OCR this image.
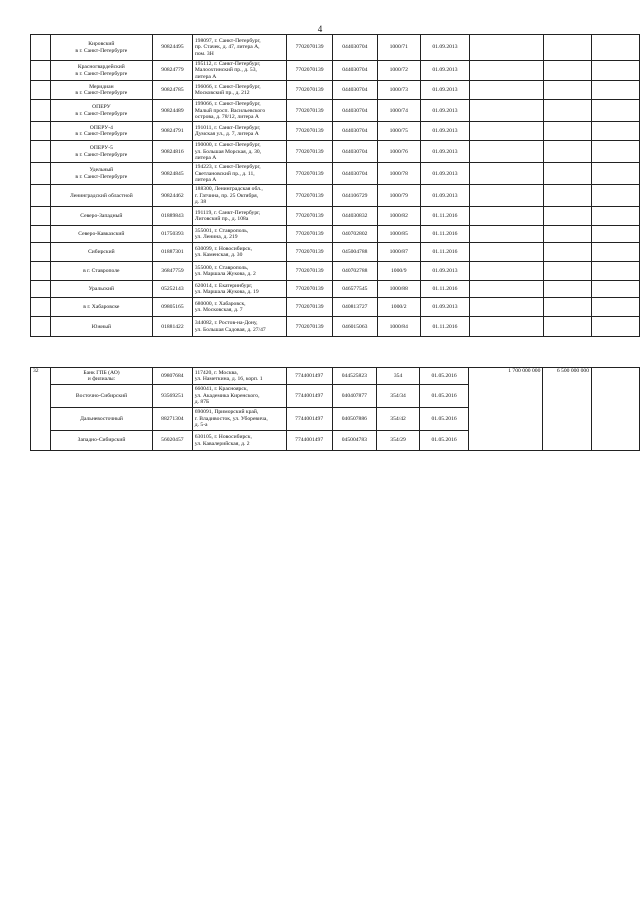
4
	Кировский
в г. Санкт-Петербурге	90824495	198097, г. Санкт-Петербург,
пр. Стачек, д. 47, литера А,
пом. 3Н	7702070139	044030704	1000/71	01.09.2013			
	Красногвардейский
в г. Санкт-Петербурге	90824779	195112, г. Санкт-Петербург,
Малоохтинский пр., д. 53,
литера А	7702070139	044030704	1000/72	01.09.2013			
	Меридиан
в г. Санкт-Петербурге	90824785	196066, г. Санкт-Петербург,
Московский пр., д. 212	7702070139	044030704	1000/73	01.09.2013			
	ОПЕРУ
в г. Санкт-Петербурге	90824489	199066, г. Санкт-Петербург,
Малый просп. Васильевского
острова, д. 78/12, литера А	7702070139	044030704	1000/74	01.09.2013			
	ОПЕРУ-4
в г. Санкт-Петербурге	90824791	191011, г. Санкт-Петербург,
Думская ул., д. 7, литера А	7702070139	044030704	1000/75	01.09.2013			
	ОПЕРУ-5
в г. Санкт-Петербурге	90824816	190000, г. Санкт-Петербург,
ул. Большая Морская, д. 30,
литера А	7702070139	044030704	1000/76	01.09.2013			
	Удельный
в г. Санкт-Петербурге	90824845	194223, г. Санкт-Петербург,
Светлановский пр., д. 11,
литера А	7702070139	044030704	1000/78	01.09.2013			
	Ленинградский областной	90824462	188300, Ленинградская обл.,
г. Гатчина, пр. 25 Октября,
д. 38	7702070139	044106729	1000/79	01.09.2013			
	Северо-Западный	01889843	191119, г. Санкт-Петербург,
Лиговский пр., д. 108а	7702070139	044030832	1000/82	01.11.2016			
	Северо-Кавказский	01750393	355001, г. Ставрополь,
ул. Ленина, д. 219	7702070139	040702802	1000/85	01.11.2016			
	Сибирский	01887301	630099, г. Новосибирск,
ул. Каменская, д. 30	7702070139	045004788	1000/87	01.11.2016			
	в г. Ставрополе	36847759	355000, г. Ставрополь,
ул. Маршала Жукова, д. 2	7702070139	040702788	1000/9	01.09.2013			
	Уральский	05252143	620014, г. Екатеринбург,
ул. Маршала Жукова, д. 19	7702070139	046577545	1000/88	01.11.2016			
	в г. Хабаровске	09805165	680000, г. Хабаровск,
ул. Московская, д. 7	7702070139	040813727	1000/2	01.09.2013			
	Южный	01881422	344082, г. Ростов-на-Дону,
ул. Большая Садовая, д. 27/47	7702070139	046015063	1000/84	01.11.2016			
32	Банк ГПБ (АО)
и филиалы:	09807684	117420, г. Москва,
ул. Наметкина, д. 16, корп. 1	7744001497	044525823	354	01.05.2016	1 700 000 000	6 500 000 000	
	Восточно-Сибирский	93569251	660041, г. Красноярск,
ул. Академика Киренского,
д. 87Б	7744001497	040407877	354/34	01.05.2016			
	Дальневосточный	88271304	690091, Приморский край,
г. Владивосток, ул. Уборевича,
д. 5-а	7744001497	040507886	354/42	01.05.2016			
	Западно-Сибирский	56020457	630105, г. Новосибирск,
ул. Кавалерийская, д. 2	7744001497	045004783	354/29	01.05.2016			
